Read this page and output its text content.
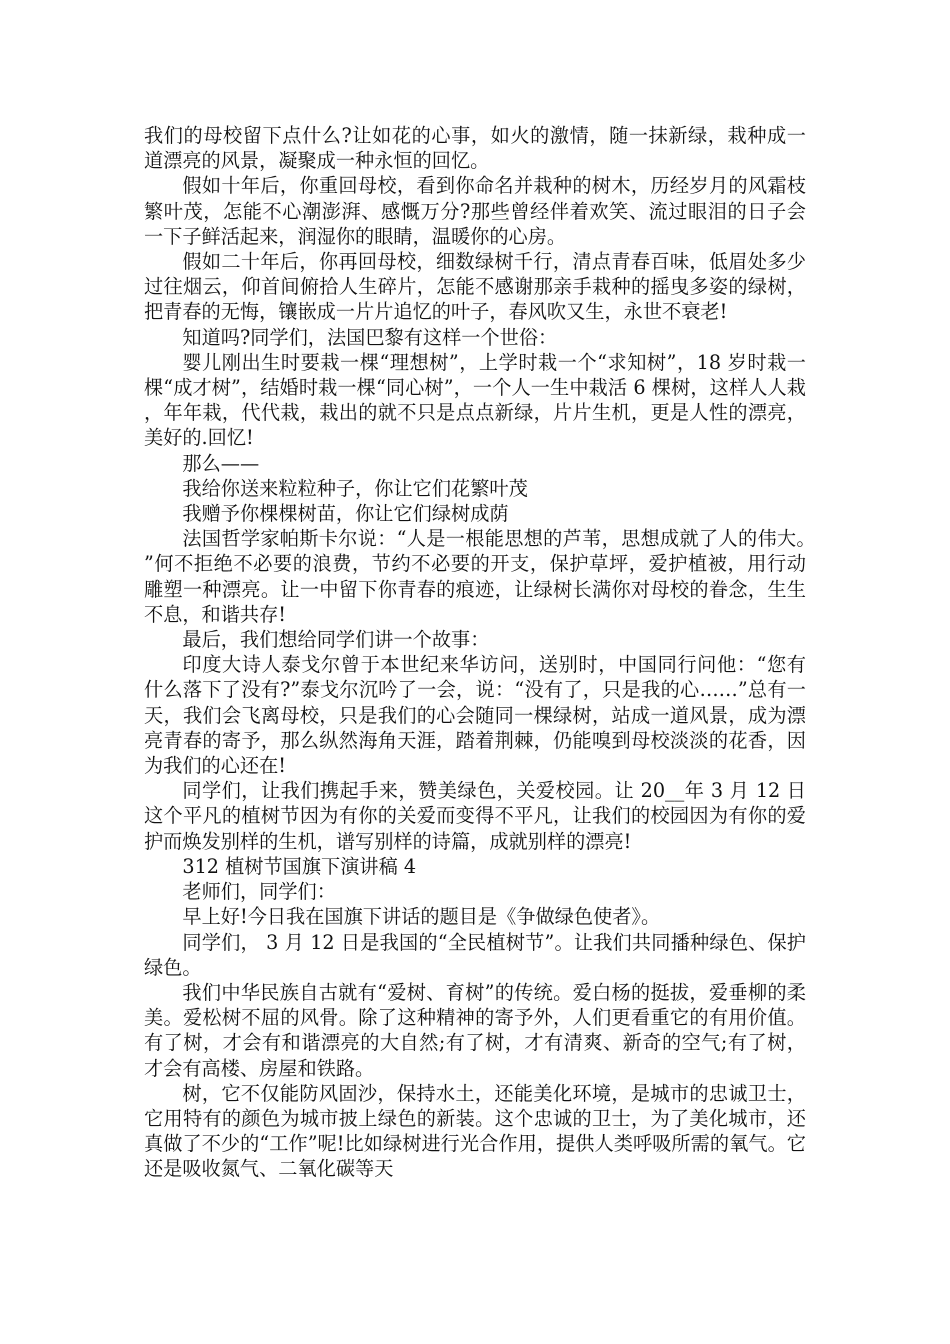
我们的母校留下点什么?让如花的心事，如火的激情，随一抹新绿，栽种成一道漂亮的风景，凝聚成一种永恒的回忆。

假如十年后，你重回母校，看到你命名并栽种的树木，历经岁月的风霜枝繁叶茂，怎能不心潮澎湃、感慨万分?那些曾经伴着欢笑、流过眼泪的日子会一下子鲜活起来，润湿你的眼睛，温暖你的心房。

假如二十年后，你再回母校，细数绿树千行，清点青春百味，低眉处多少过往烟云，仰首间俯拾人生碎片，怎能不感谢那亲手栽种的摇曳多姿的绿树，把青春的无悔，镶嵌成一片片追忆的叶子，春风吹又生，永世不衰老!

知道吗?同学们，法国巴黎有这样一个世俗：

婴儿刚出生时要栽一棵“理想树”，上学时栽一个“求知树”，18 岁时栽一棵“成才树”，结婚时栽一棵“同心树”，一个人一生中栽活 6 棵树，这样人人栽，年年栽，代代栽，栽出的就不只是点点新绿，片片生机，更是人性的漂亮，美好的.回忆!

那么——

我给你送来粒粒种子，你让它们花繁叶茂

我赠予你棵棵树苗，你让它们绿树成荫

法国哲学家帕斯卡尔说：“人是一根能思想的芦苇，思想成就了人的伟大。”何不拒绝不必要的浪费，节约不必要的开支，保护草坪，爱护植被，用行动雕塑一种漂亮。让一中留下你青春的痕迹，让绿树长满你对母校的眷念，生生不息，和谐共存!

最后，我们想给同学们讲一个故事：

印度大诗人泰戈尔曾于本世纪来华访问，送别时，中国同行问他：“您有什么落下了没有?”泰戈尔沉吟了一会，说：“没有了，只是我的心……”总有一天，我们会飞离母校，只是我们的心会随同一棵绿树，站成一道风景，成为漂亮青春的寄予，那么纵然海角天涯，踏着荆棘，仍能嗅到母校淡淡的花香，因为我们的心还在!

同学们，让我们携起手来，赞美绿色，关爱校园。让 20__年 3 月 12 日这个平凡的植树节因为有你的关爱而变得不平凡，让我们的校园因为有你的爱护而焕发别样的生机，谱写别样的诗篇，成就别样的漂亮!

312 植树节国旗下演讲稿 4

老师们，同学们：

早上好!今日我在国旗下讲话的题目是《争做绿色使者》。

同学们， 3 月 12 日是我国的“全民植树节”。让我们共同播种绿色、保护绿色。

我们中华民族自古就有“爱树、育树”的传统。爱白杨的挺拔，爱垂柳的柔美。爱松树不屈的风骨。除了这种精神的寄予外，人们更看重它的有用价值。有了树，才会有和谐漂亮的大自然;有了树，才有清爽、新奇的空气;有了树，才会有高楼、房屋和铁路。

树，它不仅能防风固沙，保持水土，还能美化环境，是城市的忠诚卫士，它用特有的颜色为城市披上绿色的新装。这个忠诚的卫士，为了美化城市，还真做了不少的“工作”呢!比如绿树进行光合作用，提供人类呼吸所需的氧气。它还是吸收氮气、二氧化碳等天
